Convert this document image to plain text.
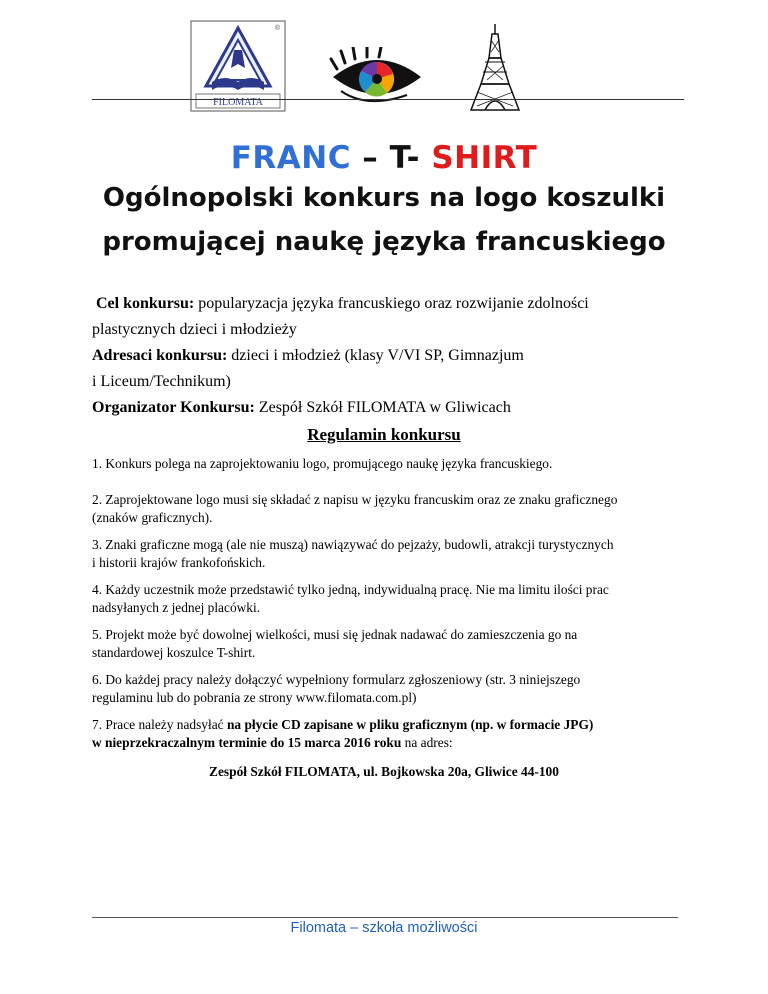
FILOMATA
®
FRANC – T- SHIRT
Ogólnopolski konkurs na logo koszulki
promującej naukę języka francuskiego
Cel konkursu: popularyzacja języka francuskiego oraz rozwijanie zdolności
plastycznych dzieci i młodzieży
Adresaci konkursu: dzieci i młodzież (klasy V/VI SP, Gimnazjum
i Liceum/Technikum)
Organizator Konkursu: Zespół Szkół FILOMATA w Gliwicach
Regulamin konkursu
1. Konkurs polega na zaprojektowaniu logo, promującego naukę języka francuskiego.
2. Zaprojektowane logo musi się składać z napisu w języku francuskim oraz ze znaku graficznego
(znaków graficznych).
3. Znaki graficzne mogą (ale nie muszą) nawiązywać do pejzaży, budowli, atrakcji turystycznych
i historii krajów frankofońskich.
4. Każdy uczestnik może przedstawić tylko jedną, indywidualną pracę. Nie ma limitu ilości prac
nadsyłanych z jednej placówki.
5. Projekt może być dowolnej wielkości, musi się jednak nadawać do zamieszczenia go na
standardowej koszulce T-shirt.
6. Do każdej pracy należy dołączyć wypełniony formularz zgłoszeniowy (str. 3 niniejszego
regulaminu lub do pobrania ze strony www.filomata.com.pl)
7. Prace należy nadsyłać na płycie CD zapisane w pliku graficznym (np. w formacie JPG)
w nieprzekraczalnym terminie do 15 marca 2016 roku na adres:
Zespół Szkół FILOMATA, ul. Bojkowska 20a, Gliwice 44-100
Filomata – szkoła możliwości
